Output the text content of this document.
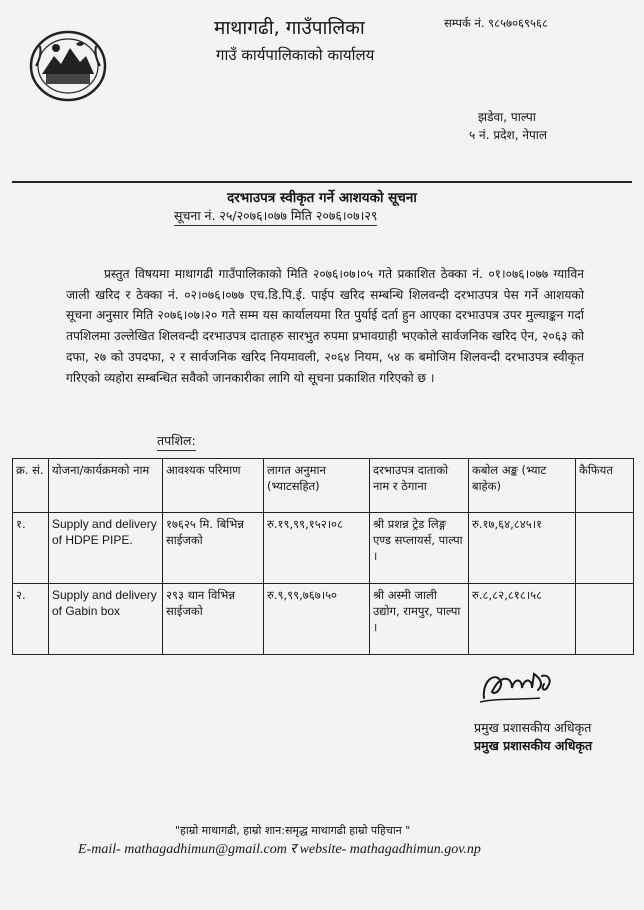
माथागढी, गाउँपालिका
गाउँ कार्यपालिकाको कार्यालय
सम्पर्क नं. ९८५७०६९५६८
झडेवा, पाल्पा
५ नं. प्रदेश, नेपाल
दरभाउपत्र स्वीकृत गर्ने आशयको सूचना
सूचना नं. २५/२०७६।०७७ मिति २०७६।०७।२९
प्रस्तुत विषयमा माथागढी गाउँपालिकाको मिति २०७६।०७।०५ गते प्रकाशित ठेक्का नं. ०१।०७६।०७७ ग्याविन जाली खरिद र ठेक्का नं. ०२।०७६।०७७ एच.डि.पि.ई. पाईप खरिद सम्बन्धि शिलवन्दी दरभाउपत्र पेस गर्ने आशयको सूचना अनुसार मिति २०७६।०७।२० गते सम्म यस कार्यालयमा रित पुर्याई दर्ता हुन आएका दरभाउपत्र उपर मुल्याङ्कन गर्दा तपशिलमा उल्लेखित शिलवन्दी दरभाउपत्र दाताहरु सारभुत रुपमा प्रभावग्राही भएकोले सार्वजनिक खरिद ऐन, २०६३ को दफा, २७ को उपदफा, २ र सार्वजनिक खरिद नियमावली, २०६४ नियम, ५४ क बमोजिम शिलवन्दी दरभाउपत्र स्वीकृत गरिएको व्यहोरा सम्बन्धित सवैको जानकारीका लागि यो सूचना प्रकाशित गरिएको छ ।
तपशिल:
क्र. सं.	योजना/कार्यक्रमको नाम	आवश्यक परिमाण	लागत अनुमान (भ्याटसहित)	दरभाउपत्र दाताको नाम र ठेगाना	कबोल अङ्क (भ्याट बाहेक)	कैफियत
१.	Supply and delivery of HDPE PIPE.	१७६२५ मि. बिभिन्न साईजको	रु.१९,९९,१५२।०८	श्री प्रशन्न ट्रेड लिङ्ग एण्ड सप्लायर्स, पाल्पा ।	रु.१७,६४,८४५।१	
२.	Supply and delivery of Gabin box	२९३ थान विभिन्न साईजको	रु.९,९९,७६७।५०	श्री अस्मी जाली उद्योग, रामपुर, पाल्पा ।	रु.८,८२,८१८।५८	
प्रमुख प्रशासकीय अधिकृत
प्रमुख प्रशासकीय अधिकृत
"हाम्रो माथागढी, हाम्रो शान:समृद्ध माथागढी हाम्रो पहिचान "
E-mail- mathagadhimun@gmail.com र website- mathagadhimun.gov.np
